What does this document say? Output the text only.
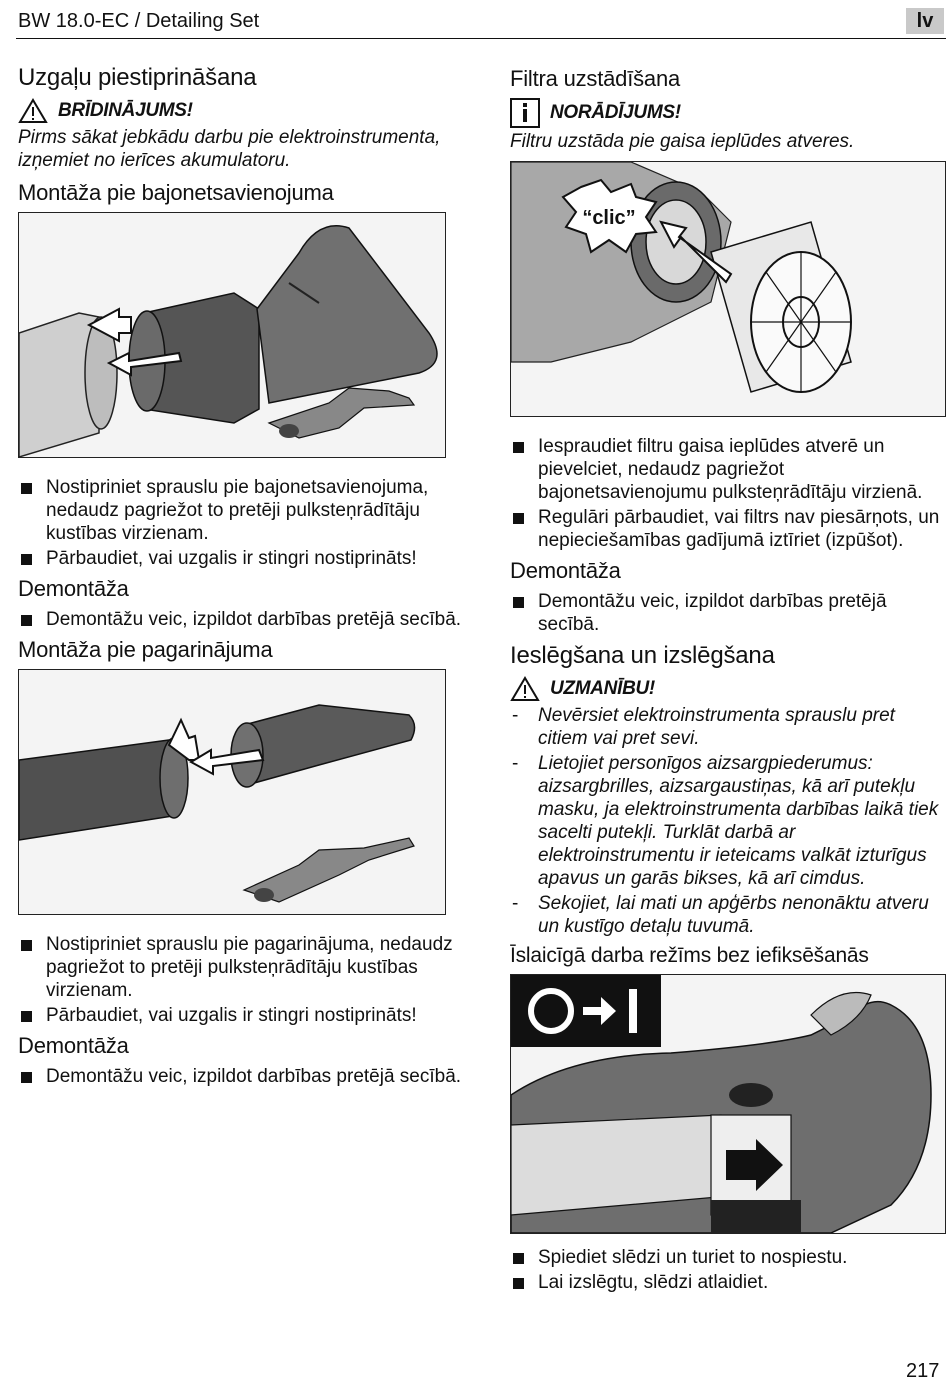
BW 18.0-EC / Detailing Set	lv
Uzgaļu piestiprināšana
BRĪDINĀJUMS!

Pirms sākat jebkādu darbu pie elektroinstrumenta, izņemiet no ierīces akumulatoru.

Montāža pie bajonetsavienojuma
Nostipriniet sprauslu pie bajonetsavienojuma, nedaudz pagriežot to pretēji pulksteņrādītāju kustības virzienam.
Pārbaudiet, vai uzgalis ir stingri nostiprināts!
Demontāža
Demontāžu veic, izpildot darbības pretējā secībā.
Montāža pie pagarinājuma
Nostipriniet sprauslu pie pagarinājuma, nedaudz pagriežot to pretēji pulksteņrādītāju kustības virzienam.
Pārbaudiet, vai uzgalis ir stingri nostiprināts!
Demontāža
Demontāžu veic, izpildot darbības pretējā secībā.
Filtra uzstādīšana
NORĀDĪJUMS!

Filtru uzstāda pie gaisa ieplūdes atveres.

“clic”
Iespraudiet filtru gaisa ieplūdes atverē un pievelciet, nedaudz pagriežot bajonetsavienojumu pulksteņrādītāju virzienā.
Regulāri pārbaudiet, vai filtrs nav piesārņots, un nepieciešamības gadījumā iztīriet (izpūšot).
Demontāža
Demontāžu veic, izpildot darbības pretējā secībā.
Ieslēgšana un izslēgšana
UZMANĪBU!
- Nevērsiet elektroinstrumenta sprauslu pret citiem vai pret sevi.
- Lietojiet personīgos aizsargpiederumus: aizsargbrilles, aizsargaustiņas, kā arī putekļu masku, ja elektroinstrumenta darbības laikā tiek sacelti putekļi. Turklāt darbā ar elektroinstrumentu ir ieteicams valkāt izturīgus apavus un garās bikses, kā arī cimdus.
- Sekojiet, lai mati un apģērbs nenonāktu atveru un kustīgo detaļu tuvumā.
Īslaicīgā darba režīms bez iefiksēšanās
Spiediet slēdzi un turiet to nospiestu.
Lai izslēgtu, slēdzi atlaidiet.
217
